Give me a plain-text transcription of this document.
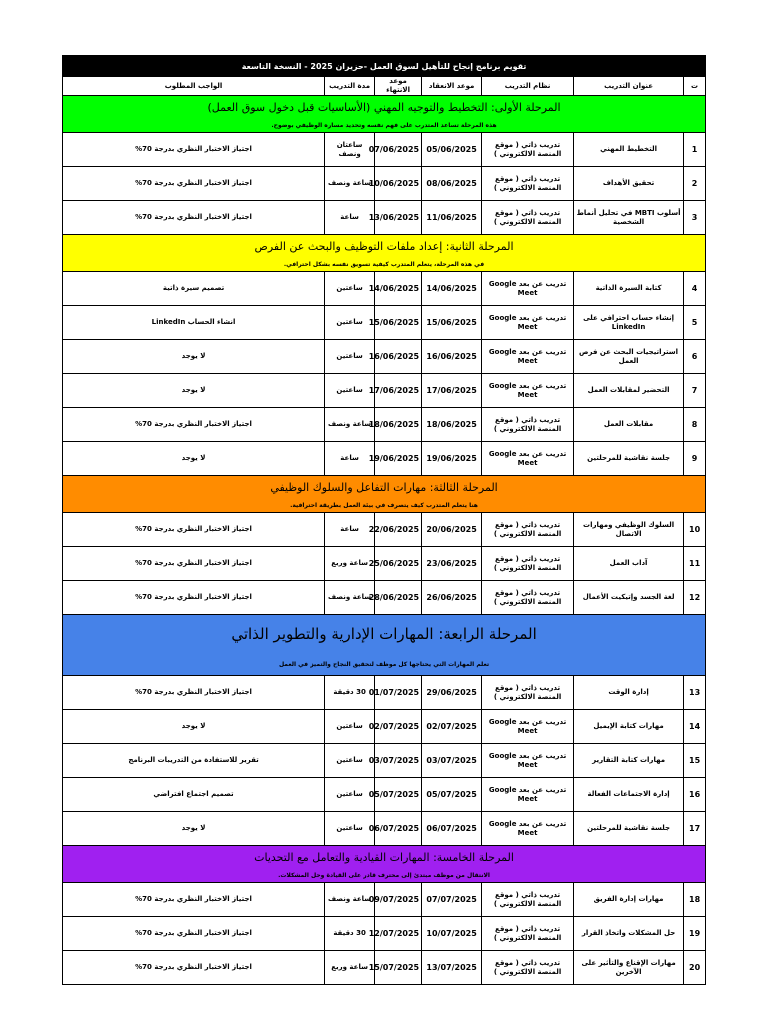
تقويم برنامج إنجاح للتأهيل لسوق العمل -حزيران 2025 - النسخة التاسعة						
ت	عنوان التدريب	نظام التدريب	موعد الانعقاد	موعد الانتهاء	مدة التدريب	الواجب المطلوب
المرحلة الأولى: التخطيط والتوجيه المهني (الأساسيات قبل دخول سوق العمل)						
هذه المرحلة تساعد المتدرب على فهم نفسه وتحديد مساره الوظيفي بوضوح.						
1	التخطيط المهني	تدريب ذاتي ( موقع المنصة الالكتروني )	05/06/2025	07/06/2025	ساعتان ونصف	اجتياز الاختبار النظري بدرجة 70%
2	تحقيق الأهداف	تدريب ذاتي ( موقع المنصة الالكتروني )	08/06/2025	10/06/2025	ساعة ونصف	اجتياز الاختبار النظري بدرجة 70%
3	أسلوب MBTI في تحليل أنماط الشخصية	تدريب ذاتي ( موقع المنصة الالكتروني )	11/06/2025	13/06/2025	ساعة	اجتياز الاختبار النظري بدرجة 70%
المرحلة الثانية: إعداد ملفات التوظيف والبحث عن الفرص						
في هذه المرحلة، يتعلم المتدرب كيفية تسويق نفسه بشكل احترافي.						
4	كتابة السيرة الذاتية	تدريب عن بعد Google Meet	14/06/2025	14/06/2025	ساعتين	تصميم سيرة ذاتية
5	إنشاء حساب احترافي على LinkedIn	تدريب عن بعد Google Meet	15/06/2025	15/06/2025	ساعتين	انشاء الحساب LinkedIn
6	استراتيجيات البحث عن فرص العمل	تدريب عن بعد Google Meet	16/06/2025	16/06/2025	ساعتين	لا يوجد
7	التحضير لمقابلات العمل	تدريب عن بعد Google Meet	17/06/2025	17/06/2025	ساعتين	لا يوجد
8	مقابلات العمل	تدريب ذاتي ( موقع المنصة الالكتروني )	18/06/2025	18/06/2025	ساعة ونصف	اجتياز الاختبار النظري بدرجة 70%
9	جلسة نقاشية للمرحلتين	تدريب عن بعد Google Meet	19/06/2025	19/06/2025	ساعة	لا يوجد
المرحلة الثالثة: مهارات التفاعل والسلوك الوظيفي						
هنا يتعلم المتدرب كيف يتصرف في بيئة العمل بطريقة احترافية.						
10	السلوك الوظيفي ومهارات الاتصال	تدريب ذاتي ( موقع المنصة الالكتروني )	20/06/2025	22/06/2025	ساعة	اجتياز الاختبار النظري بدرجة 70%
11	آداب العمل	تدريب ذاتي ( موقع المنصة الالكتروني )	23/06/2025	25/06/2025	ساعة وربع	اجتياز الاختبار النظري بدرجة 70%
12	لغة الجسد وإتيكيت الأعمال	تدريب ذاتي ( موقع المنصة الالكتروني )	26/06/2025	28/06/2025	ساعة ونصف	اجتياز الاختبار النظري بدرجة 70%
المرحلة الرابعة: المهارات الإدارية والتطوير الذاتي						
تعلم المهارات التي يحتاجها كل موظف لتحقيق النجاح والتميز في العمل						
13	إدارة الوقت	تدريب ذاتي ( موقع المنصة الالكتروني )	29/06/2025	01/07/2025	30 دقيقة	اجتياز الاختبار النظري بدرجة 70%
14	مهارات كتابة الإيميل	تدريب عن بعد Google Meet	02/07/2025	02/07/2025	ساعتين	لا يوجد
15	مهارات كتابة التقارير	تدريب عن بعد Google Meet	03/07/2025	03/07/2025	ساعتين	تقرير للاستفادة من التدريبات البرنامج
16	إدارة الاجتماعات الفعالة	تدريب عن بعد Google Meet	05/07/2025	05/07/2025	ساعتين	تصميم اجتماع افتراضي
17	جلسة نقاشية للمرحلتين	تدريب عن بعد Google Meet	06/07/2025	06/07/2025	ساعتين	لا يوجد
المرحلة الخامسة: المهارات القيادية والتعامل مع التحديات						
الانتقال من موظف مبتدئ إلى محترف قادر على القيادة وحل المشكلات.						
18	مهارات إدارة الفريق	تدريب ذاتي ( موقع المنصة الالكتروني )	07/07/2025	09/07/2025	ساعة ونصف	اجتياز الاختبار النظري بدرجة 70%
19	حل المشكلات واتخاذ القرار	تدريب ذاتي ( موقع المنصة الالكتروني )	10/07/2025	12/07/2025	30 دقيقة	اجتياز الاختبار النظري بدرجة 70%
20	مهارات الإقناع والتأثير على الآخرين	تدريب ذاتي ( موقع المنصة الالكتروني )	13/07/2025	15/07/2025	ساعة وربع	اجتياز الاختبار النظري بدرجة 70%
